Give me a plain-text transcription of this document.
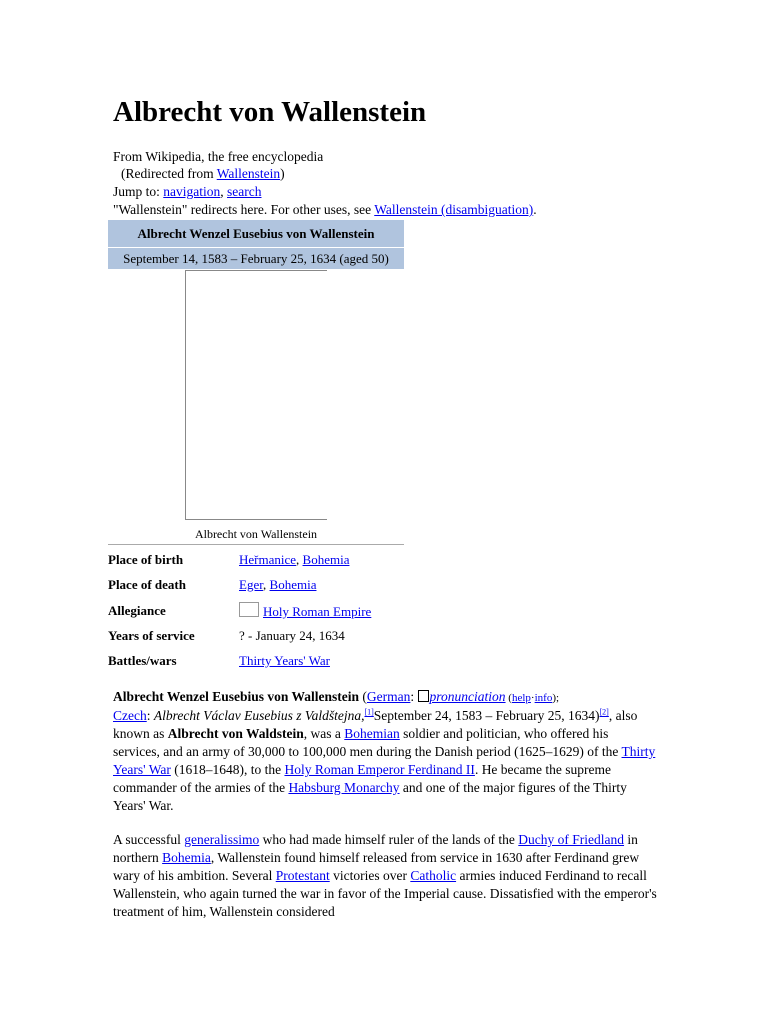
Albrecht von Wallenstein
From Wikipedia, the free encyclopedia
(Redirected from Wallenstein)
Jump to: navigation, search
"Wallenstein" redirects here. For other uses, see Wallenstein (disambiguation).
Albrecht Wenzel Eusebius von Wallenstein
September 14, 1583 – February 25, 1634 (aged 50)
Albrecht von Wallenstein
Place of birth	Heřmanice, Bohemia
Place of death	Eger, Bohemia
Allegiance	Holy Roman Empire
Years of service	? - January 24, 1634
Battles/wars	Thirty Years' War

Albrecht Wenzel Eusebius von Wallenstein (German: pronunciation (help·info);
Czech: Albrecht Václav Eusebius z Valdštejna,[1]September 24, 1583 – February 25, 1634)[2], also known as Albrecht von Waldstein, was a Bohemian soldier and politician, who offered his services, and an army of 30,000 to 100,000 men during the Danish period (1625–1629) of the Thirty Years' War (1618–1648), to the Holy Roman Emperor Ferdinand II. He became the supreme commander of the armies of the Habsburg Monarchy and one of the major figures of the Thirty Years' War.

A successful generalissimo who had made himself ruler of the lands of the Duchy of Friedland in northern Bohemia, Wallenstein found himself released from service in 1630 after Ferdinand grew wary of his ambition. Several Protestant victories over Catholic armies induced Ferdinand to recall Wallenstein, who again turned the war in favor of the Imperial cause. Dissatisfied with the emperor's treatment of him, Wallenstein considered
